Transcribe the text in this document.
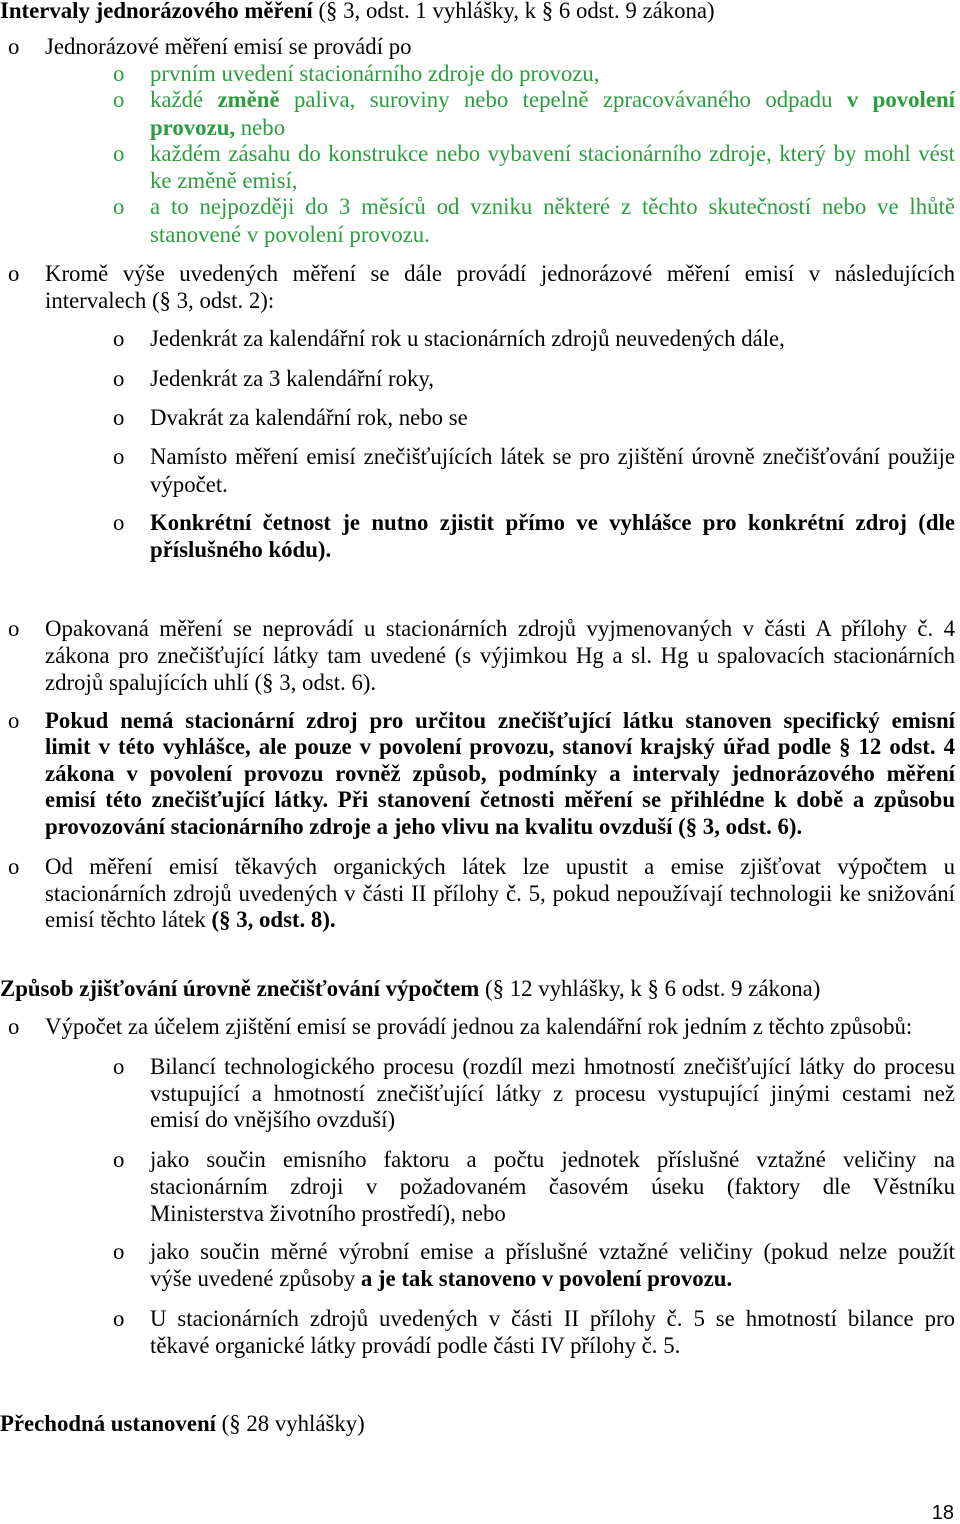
Intervaly jednorázového měření (§ 3, odst. 1 vyhlášky, k § 6 odst. 9 zákona)
o Jednorázové měření emisí se provádí po
o prvním uvedení stacionárního zdroje do provozu,
o každé změně paliva, suroviny nebo tepelně zpracovávaného odpadu v povolení
provozu, nebo
o každém zásahu do konstrukce nebo vybavení stacionárního zdroje, který by mohl vést
ke změně emisí,
o a to nejpozději do 3 měsíců od vzniku některé z těchto skutečností nebo ve lhůtě
stanovené v povolení provozu.
o Kromě výše uvedených měření se dále provádí jednorázové měření emisí v následujících
intervalech (§ 3, odst. 2):
o Jedenkrát za kalendářní rok u stacionárních zdrojů neuvedených dále,
o Jedenkrát za 3 kalendářní roky,
o Dvakrát za kalendářní rok, nebo se
o Namísto měření emisí znečišťujících látek se pro zjištění úrovně znečišťování použije
výpočet.
o Konkrétní četnost je nutno zjistit přímo ve vyhlášce pro konkrétní zdroj (dle
příslušného kódu).
o Opakovaná měření se neprovádí u stacionárních zdrojů vyjmenovaných v části A přílohy č. 4
zákona pro znečišťující látky tam uvedené (s výjimkou Hg a sl. Hg u spalovacích stacionárních
zdrojů spalujících uhlí (§ 3, odst. 6).
o Pokud nemá stacionární zdroj pro určitou znečišťující látku stanoven specifický emisní
limit v této vyhlášce, ale pouze v povolení provozu, stanoví krajský úřad podle § 12 odst. 4
zákona v povolení provozu rovněž způsob, podmínky a intervaly jednorázového měření
emisí této znečišťující látky. Při stanovení četnosti měření se přihlédne k době a způsobu
provozování stacionárního zdroje a jeho vlivu na kvalitu ovzduší (§ 3, odst. 6).
o Od měření emisí těkavých organických látek lze upustit a emise zjišťovat výpočtem u
stacionárních zdrojů uvedených v části II přílohy č. 5, pokud nepoužívají technologii ke snižování
emisí těchto látek (§ 3, odst. 8).
Způsob zjišťování úrovně znečišťování výpočtem (§ 12 vyhlášky, k § 6 odst. 9 zákona)
o Výpočet za účelem zjištění emisí se provádí jednou za kalendářní rok jedním z těchto způsobů:
o Bilancí technologického procesu (rozdíl mezi hmotností znečišťující látky do procesu
vstupující a hmotností znečišťující látky z procesu vystupující jinými cestami než
emisí do vnějšího ovzduší)
o jako součin emisního faktoru a počtu jednotek příslušné vztažné veličiny na
stacionárním zdroji v požadovaném časovém úseku (faktory dle Věstníku
Ministerstva životního prostředí), nebo
o jako součin měrné výrobní emise a příslušné vztažné veličiny (pokud nelze použít
výše uvedené způsoby a je tak stanoveno v povolení provozu.
o U stacionárních zdrojů uvedených v části II přílohy č. 5 se hmotností bilance pro
těkavé organické látky provádí podle části IV přílohy č. 5.
Přechodná ustanovení (§ 28 vyhlášky)
18
